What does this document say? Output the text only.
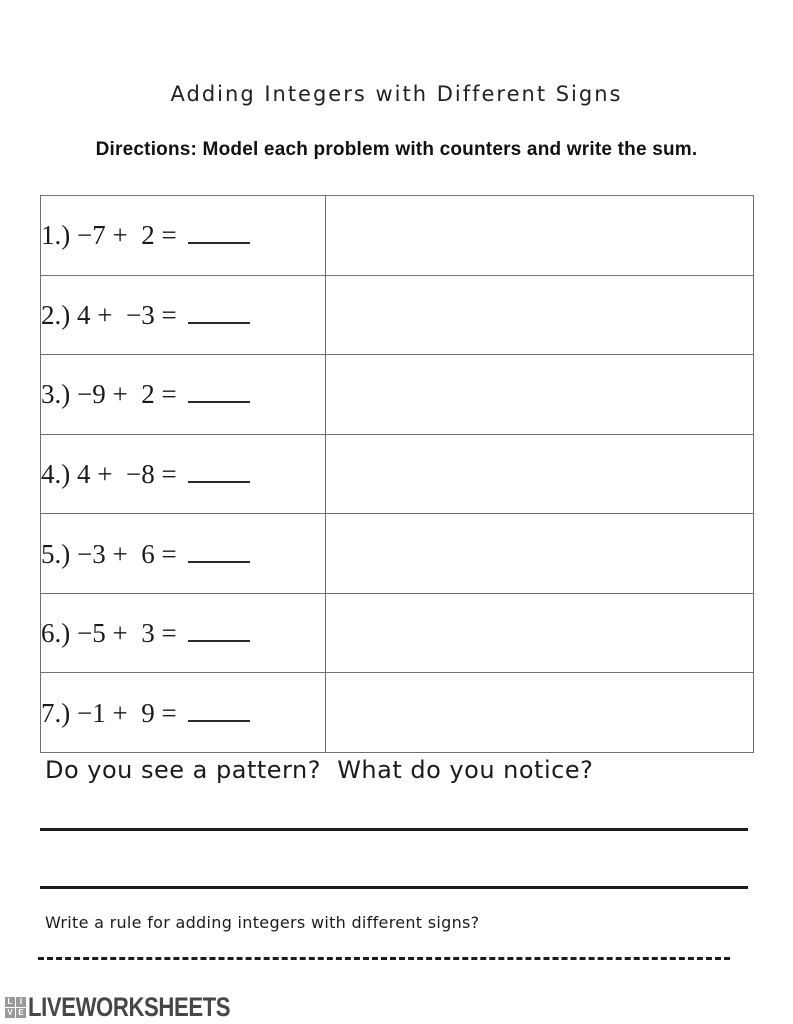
Adding Integers with Different Signs
Directions: Model each problem with counters and write the sum.
1.) −7 +  2 =	
2.) 4 +  −3 =	
3.) −9 +  2 =	
4.) 4 +  −8 =	
5.) −3 +  6 =	
6.) −5 +  3 =	
7.) −1 +  9 =	
Do you see a pattern?  What do you notice?
Write a rule for adding integers with different signs?
L I
V E LIVEWORKSHEETS
